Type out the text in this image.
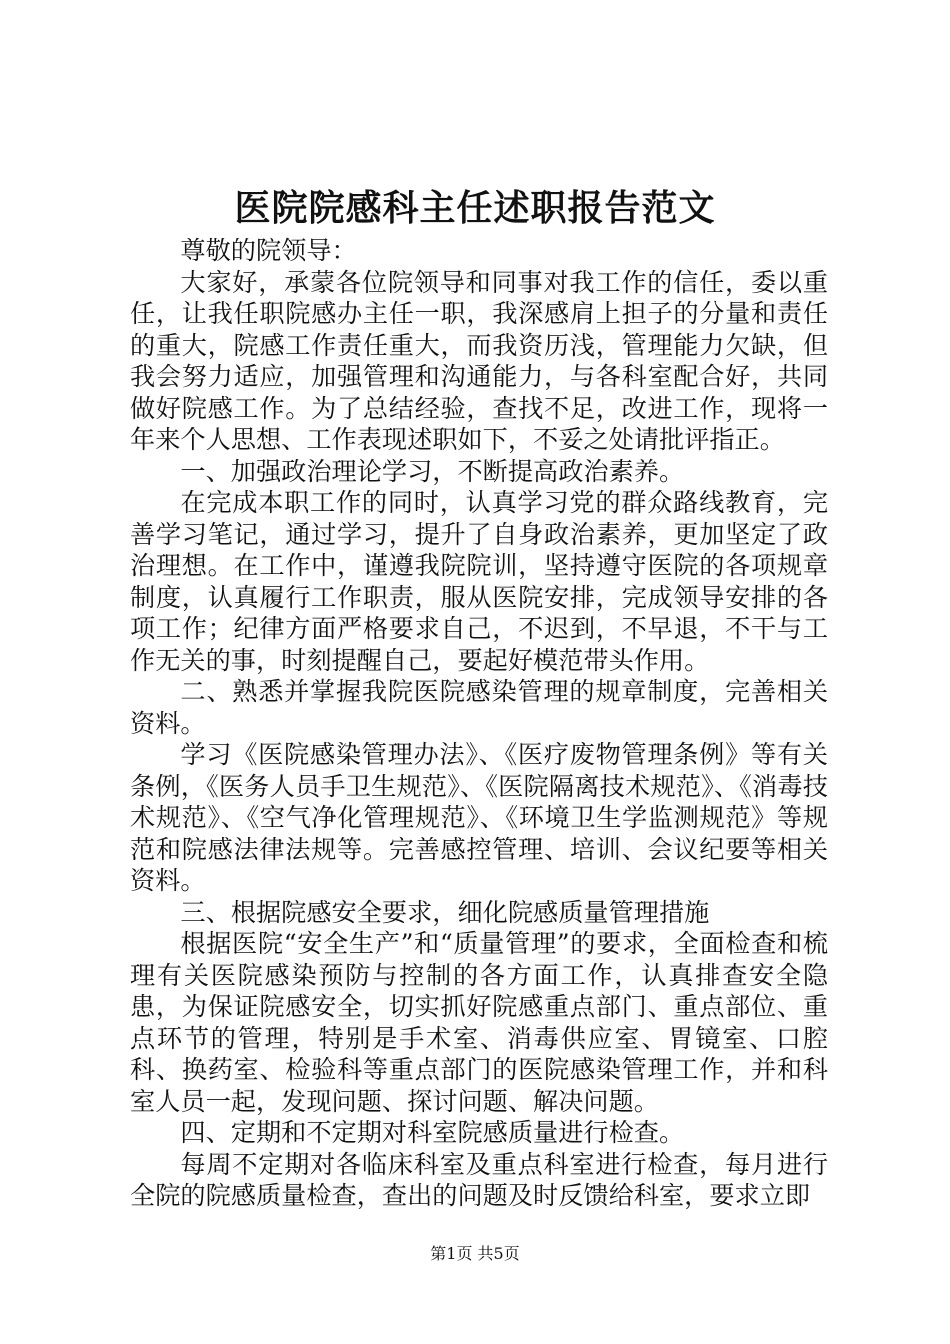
医院院感科主任述职报告范文

尊敬的院领导：

大家好，承蒙各位院领导和同事对我工作的信任，委以重任，让我任职院感办主任一职，我深感肩上担子的分量和责任的重大，院感工作责任重大，而我资历浅，管理能力欠缺，但我会努力适应，加强管理和沟通能力，与各科室配合好，共同做好院感工作。为了总结经验，查找不足，改进工作，现将一年来个人思想、工作表现述职如下，不妥之处请批评指正。

一、加强政治理论学习，不断提高政治素养。

在完成本职工作的同时，认真学习党的群众路线教育，完善学习笔记，通过学习，提升了自身政治素养，更加坚定了政治理想。在工作中，谨遵我院院训，坚持遵守医院的各项规章制度，认真履行工作职责，服从医院安排，完成领导安排的各项工作；纪律方面严格要求自己，不迟到，不早退，不干与工作无关的事，时刻提醒自己，要起好模范带头作用。

二、熟悉并掌握我院医院感染管理的规章制度，完善相关资料。

学习《医院感染管理办法》、《医疗废物管理条例》等有关条例，《医务人员手卫生规范》、《医院隔离技术规范》、《消毒技术规范》、《空气净化管理规范》、《环境卫生学监测规范》等规范和院感法律法规等。完善感控管理、培训、会议纪要等相关资料。

三、根据院感安全要求，细化院感质量管理措施

根据医院“安全生产”和“质量管理”的要求，全面检查和梳理有关医院感染预防与控制的各方面工作，认真排查安全隐患，为保证院感安全，切实抓好院感重点部门、重点部位、重点环节的管理，特别是手术室、消毒供应室、胃镜室、口腔科、换药室、检验科等重点部门的医院感染管理工作，并和科室人员一起，发现问题、探讨问题、解决问题。

四、定期和不定期对科室院感质量进行检查。

每周不定期对各临床科室及重点科室进行检查，每月进行全院的院感质量检查，查出的问题及时反馈给科室，要求立即

第1页 共5页
